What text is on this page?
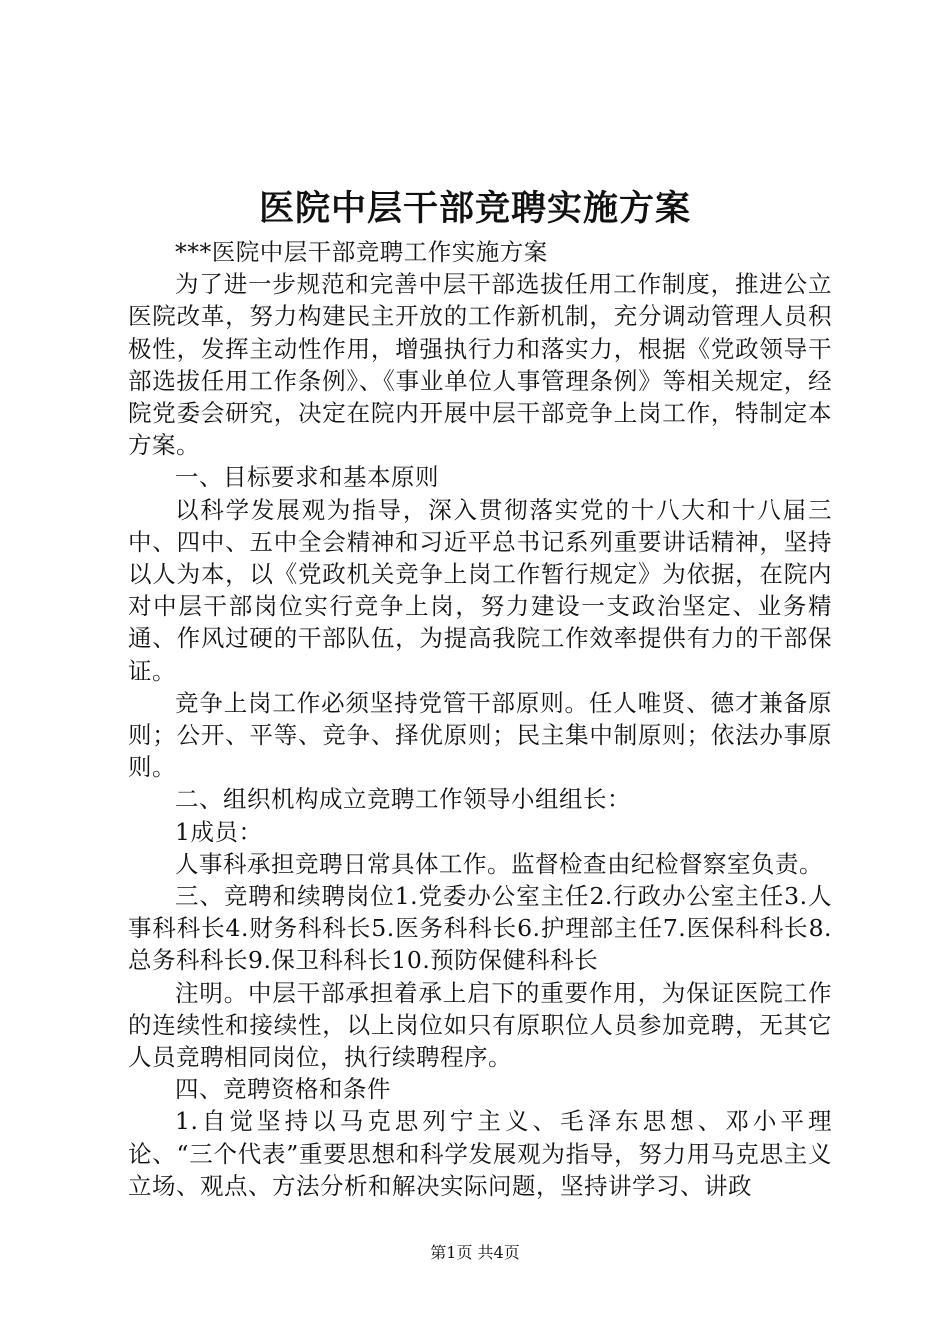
医院中层干部竞聘实施方案

***医院中层干部竞聘工作实施方案

为了进一步规范和完善中层干部选拔任用工作制度，推进公立医院改革，努力构建民主开放的工作新机制，充分调动管理人员积极性，发挥主动性作用，增强执行力和落实力，根据《党政领导干部选拔任用工作条例》、《事业单位人事管理条例》等相关规定，经院党委会研究，决定在院内开展中层干部竞争上岗工作，特制定本方案。

一、目标要求和基本原则

以科学发展观为指导，深入贯彻落实党的十八大和十八届三中、四中、五中全会精神和习近平总书记系列重要讲话精神，坚持以人为本，以《党政机关竞争上岗工作暂行规定》为依据，在院内对中层干部岗位实行竞争上岗，努力建设一支政治坚定、业务精通、作风过硬的干部队伍，为提高我院工作效率提供有力的干部保证。

竞争上岗工作必须坚持党管干部原则。任人唯贤、德才兼备原则；公开、平等、竞争、择优原则；民主集中制原则；依法办事原则。

二、组织机构成立竞聘工作领导小组组长：

1成员：

人事科承担竞聘日常具体工作。监督检查由纪检督察室负责。

三、竞聘和续聘岗位1.党委办公室主任2.行政办公室主任3.人事科科长4.财务科科长5.医务科科长6.护理部主任7.医保科科长8.总务科科长9.保卫科科长10.预防保健科科长

注明。中层干部承担着承上启下的重要作用，为保证医院工作的连续性和接续性，以上岗位如只有原职位人员参加竞聘，无其它人员竞聘相同岗位，执行续聘程序。

四、竞聘资格和条件

1.自觉坚持以马克思列宁主义、毛泽东思想、邓小平理论、“三个代表”重要思想和科学发展观为指导，努力用马克思主义立场、观点、方法分析和解决实际问题，坚持讲学习、讲政

第1页 共4页
